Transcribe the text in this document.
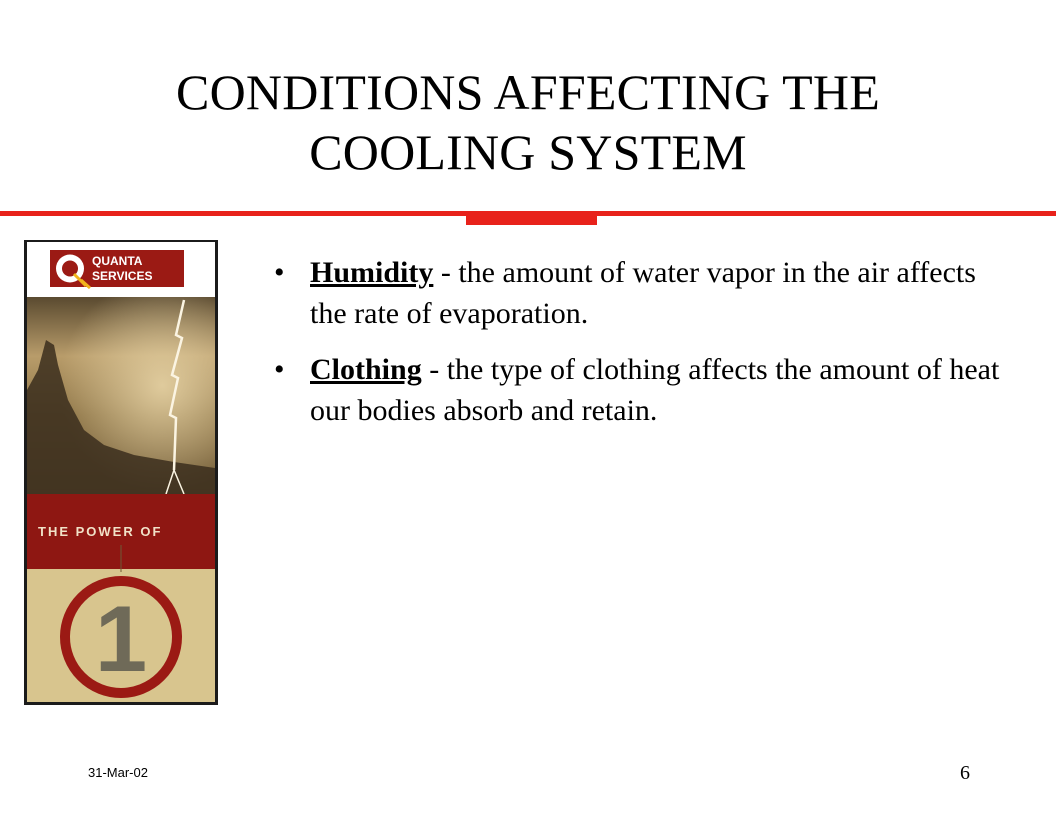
CONDITIONS AFFECTING THE
COOLING SYSTEM
QUANTA
SERVICES
THE POWER OF
1
• Humidity - the amount of water vapor in the air affects the rate of evaporation.
• Clothing - the type of clothing affects the amount of heat our bodies absorb and retain.
31-Mar-02	6
